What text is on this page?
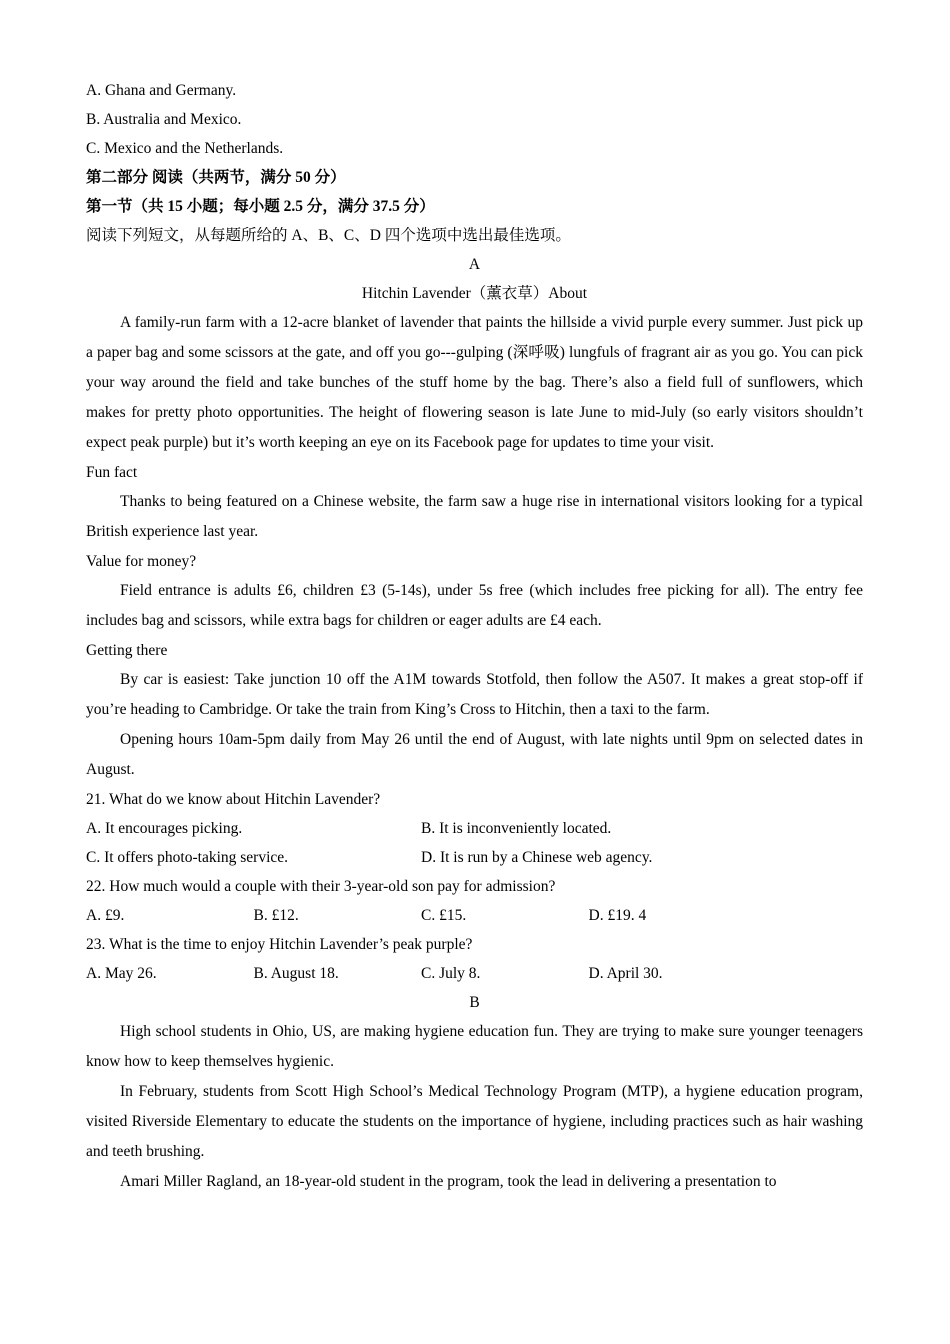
A. Ghana and Germany.

B. Australia and Mexico.

C. Mexico and the Netherlands.

第二部分 阅读（共两节，满分 50 分）

第一节（共 15 小题；每小题 2.5 分，满分 37.5 分）

阅读下列短文，从每题所给的 A、B、C、D 四个选项中选出最佳选项。

A

Hitchin Lavender（薰衣草）About

A family-run farm with a 12-acre blanket of lavender that paints the hillside a vivid purple every summer. Just pick up a paper bag and some scissors at the gate, and off you go---gulping (深呼吸) lungfuls of fragrant air as you go. You can pick your way around the field and take bunches of the stuff home by the bag. There’s also a field full of sunflowers, which makes for pretty photo opportunities. The height of flowering season is late June to mid-July (so early visitors shouldn’t expect peak purple) but it’s worth keeping an eye on its Facebook page for updates to time your visit.

Fun fact

Thanks to being featured on a Chinese website, the farm saw a huge rise in international visitors looking for a typical British experience last year.

Value for money?

Field entrance is adults £6, children £3 (5-14s), under 5s free (which includes free picking for all). The entry fee includes bag and scissors, while extra bags for children or eager adults are £4 each.

Getting there

By car is easiest: Take junction 10 off the A1M towards Stotfold, then follow the A507. It makes a great stop-off if you’re heading to Cambridge. Or take the train from King’s Cross to Hitchin, then a taxi to the farm.

Opening hours 10am-5pm daily from May 26 until the end of August, with late nights until 9pm on selected dates in August.

21. What do we know about Hitchin Lavender?

A. It encourages picking.	B. It is inconveniently located.
C. It offers photo-taking service.	D. It is run by a Chinese web agency.

22. How much would a couple with their 3-year-old son pay for admission?

A. £9.	B. £12.	C. £15.	D. £19. 4

23. What is the time to enjoy Hitchin Lavender’s peak purple?

A. May 26.	B. August 18.	C. July 8.	D. April 30.

B

High school students in Ohio, US, are making hygiene education fun. They are trying to make sure younger teenagers know how to keep themselves hygienic.

In February, students from Scott High School’s Medical Technology Program (MTP), a hygiene education program, visited Riverside Elementary to educate the students on the importance of hygiene, including practices such as hair washing and teeth brushing.

Amari Miller Ragland, an 18-year-old student in the program, took the lead in delivering a presentation to
